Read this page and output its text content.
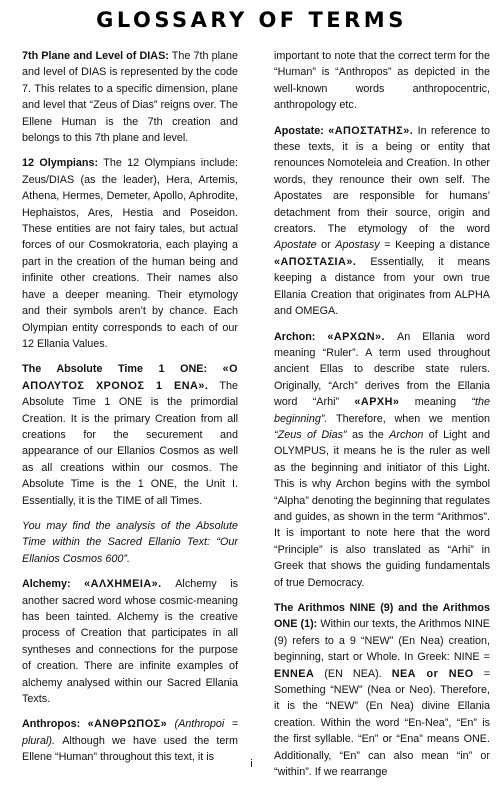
GLOSSARY OF TERMS

7th Plane and Level of DIAS: The 7th plane and level of DIAS is represented by the code 7. This relates to a specific dimension, plane and level that “Zeus of Dias” reigns over. The Ellene Human is the 7th creation and belongs to this 7th plane and level.

12 Olympians: The 12 Olympians include: Zeus/DIAS (as the leader), Hera, Artemis, Athena, Hermes, Demeter, Apollo, Aphrodite, Hephaistos, Ares, Hestia and Poseidon. These entities are not fairy tales, but actual forces of our Cosmokratoria, each playing a part in the creation of the human being and infinite other creations. Their names also have a deeper meaning. Their etymology and their symbols aren’t by chance. Each Olympian entity corresponds to each of our 12 Ellania Values.

The Absolute Time 1 ONE: «Ο ΑΠΟΛΥΤΟΣ ΧΡΟΝΟΣ 1 ΕΝΑ». The Absolute Time 1 ONE is the primordial Creation. It is the primary Creation from all creations for the securement and appearance of our Ellanios Cosmos as well as all creations within our cosmos. The Absolute Time is the 1 ONE, the Unit I. Essentially, it is the TIME of all Times.

You may find the analysis of the Absolute Time within the Sacred Ellanio Text: “Our Ellanios Cosmos 600”.

Alchemy: «ΑΛΧΗΜΕΙΑ». Alchemy is another sacred word whose cosmic-meaning has been tainted. Alchemy is the creative process of Creation that participates in all syntheses and connections for the purpose of creation. There are infinite examples of alchemy analysed within our Sacred Ellania Texts.

Anthropos: «ΑΝΘΡΩΠΟΣ» (Anthropoi = plural). Although we have used the term Ellene “Human” throughout this text, it is

important to note that the correct term for the “Human” is “Anthropos” as depicted in the well-known words anthropocentric, anthropology etc.

Apostate: «ΑΠΟΣΤΑΤΗΣ». In reference to these texts, it is a being or entity that renounces Nomoteleia and Creation. In other words, they renounce their own self. The Apostates are responsible for humans’ detachment from their source, origin and creators. The etymology of the word Apostate or Apostasy = Keeping a distance «ΑΠΟΣΤΑΣΙΑ». Essentially, it means keeping a distance from your own true Ellania Creation that originates from ALPHA and OMEGA.

Archon: «ΑΡΧΩΝ». An Ellania word meaning “Ruler”. A term used throughout ancient Ellas to describe state rulers. Originally, “Arch” derives from the Ellania word “Arhi” «ΑΡΧΗ» meaning “the beginning”. Therefore, when we mention “Zeus of Dias” as the Archon of Light and OLYMPUS, it means he is the ruler as well as the beginning and initiator of this Light. This is why Archon begins with the symbol “Alpha” denoting the beginning that regulates and guides, as shown in the term “Arithmos”. It is important to note here that the word “Principle” is also translated as “Arhi” in Greek that shows the guiding fundamentals of true Democracy.

The Arithmos NINE (9) and the Arithmos ONE (1): Within our texts, the Arithmos NINE (9) refers to a 9 “NEW” (En Nea) creation, beginning, start or Whole. In Greek: NINE = ΕΝΝΕΑ (EN NEA). ΝΕΑ or ΝΕΟ = Something “NEW” (Nea or Neo). Therefore, it is the “NEW” (En Nea) divine Ellania creation. Within the word “En-Nea”, “En” is the first syllable. “En” or “Ena” means ONE. Additionally, “En” can also mean “in” or “within”. If we rearrange

i
